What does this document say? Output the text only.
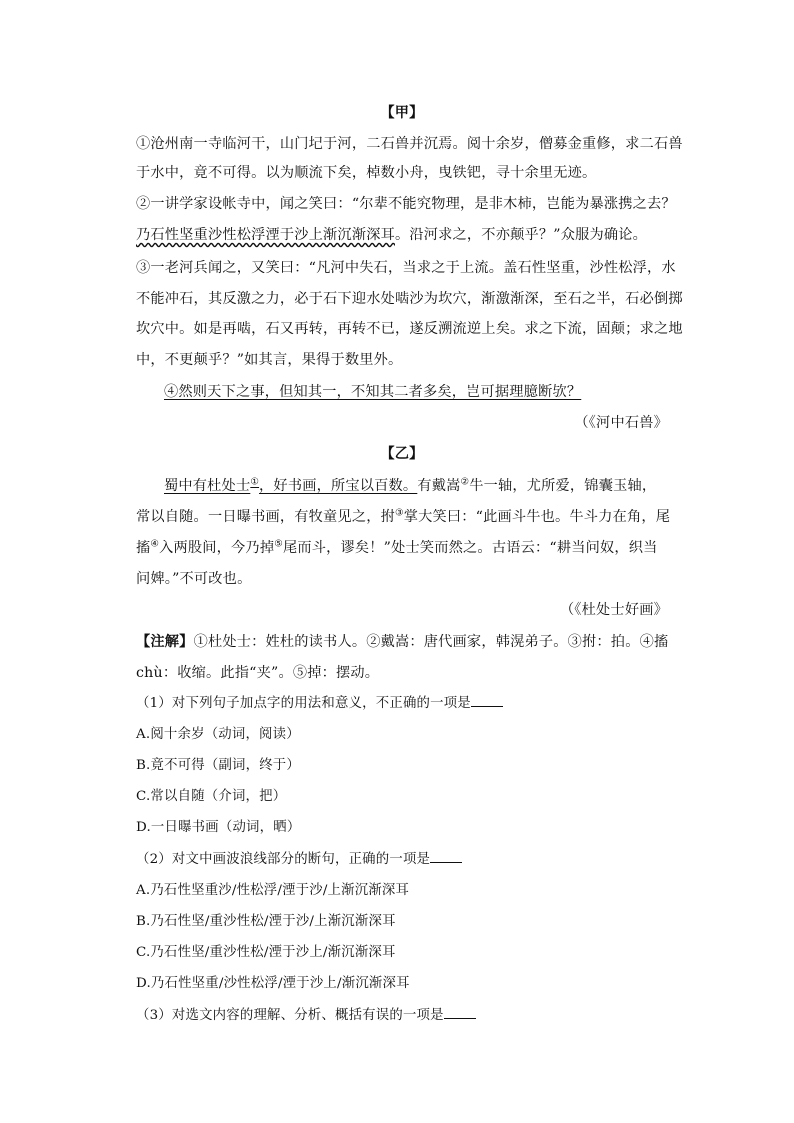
【甲】
①沧州南一寺临河干，山门圮于河，二石兽并沉焉。阅十余岁，僧募金重修，求二石兽
于水中，竟不可得。以为顺流下矣，棹数小舟，曳铁钯，寻十余里无迹。
②一讲学家设帐寺中，闻之笑曰：“尔辈不能究物理，是非木柿，岂能为暴涨携之去？
乃石性坚重沙性松浮湮于沙上渐沉渐深耳。沿河求之，不亦颠乎？”众服为确论。
③一老河兵闻之，又笑曰：“凡河中失石，当求之于上流。盖石性坚重，沙性松浮，水
不能冲石，其反激之力，必于石下迎水处啮沙为坎穴，渐激渐深，至石之半，石必倒掷
坎穴中。如是再啮，石又再转，再转不已，遂反溯流逆上矣。求之下流，固颠；求之地
中，不更颠乎？”如其言，果得于数里外。
④然则天下之事，但知其一，不知其二者多矣，岂可据理臆断欤？
（《河中石兽》
【乙】
蜀中有杜处士①，好书画，所宝以百数。有戴嵩②牛一轴，尤所爱，锦囊玉轴，
常以自随。一日曝书画，有牧童见之，拊③掌大笑曰：“此画斗牛也。牛斗力在角，尾
搐④入两股间，今乃掉⑤尾而斗，谬矣！”处士笑而然之。古语云：“耕当问奴，织当
问婢。”不可改也。
（《杜处士好画》
【注解】①杜处士：姓杜的读书人。②戴嵩：唐代画家，韩滉弟子。③拊：拍。④搐
chù：收缩。此指“夹”。⑤掉：摆动。
（1）对下列句子加点字的用法和意义，不正确的一项是
A.阅十余岁（动词，阅读）
B.竟不可得（副词，终于）
C.常以自随（介词，把）
D.一日曝书画（动词，晒）
（2）对文中画波浪线部分的断句，正确的一项是
A.乃石性坚重沙/性松浮/湮于沙/上渐沉渐深耳
B.乃石性坚/重沙性松/湮于沙/上渐沉渐深耳
C.乃石性坚/重沙性松/湮于沙上/渐沉渐深耳
D.乃石性坚重/沙性松浮/湮于沙上/渐沉渐深耳
（3）对选文内容的理解、分析、概括有误的一项是
